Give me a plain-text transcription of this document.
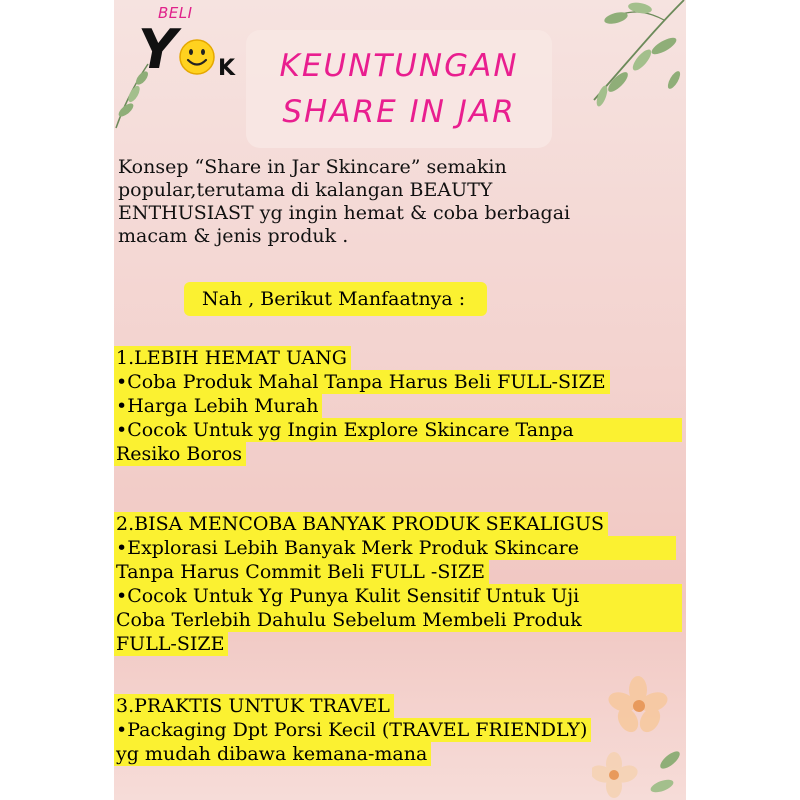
BELI
Y K	KEUNTUNGAN
SHARE IN JAR
Konsep “Share in Jar Skincare” semakin
popular,terutama di kalangan BEAUTY
ENTHUSIAST yg ingin hemat & coba berbagai
macam & jenis produk .
Nah , Berikut Manfaatnya :
1.LEBIH HEMAT UANG
•Coba Produk Mahal Tanpa Harus Beli FULL-SIZE
•Harga Lebih Murah
•Cocok Untuk yg Ingin Explore Skincare Tanpa
Resiko Boros
2.BISA MENCOBA BANYAK PRODUK SEKALIGUS
•Explorasi Lebih Banyak Merk Produk Skincare
Tanpa Harus Commit Beli FULL -SIZE
•Cocok Untuk Yg Punya Kulit Sensitif Untuk Uji
Coba Terlebih Dahulu Sebelum Membeli Produk
FULL-SIZE
3.PRAKTIS UNTUK TRAVEL
•Packaging Dpt Porsi Kecil (TRAVEL FRIENDLY)
yg mudah dibawa kemana-mana
